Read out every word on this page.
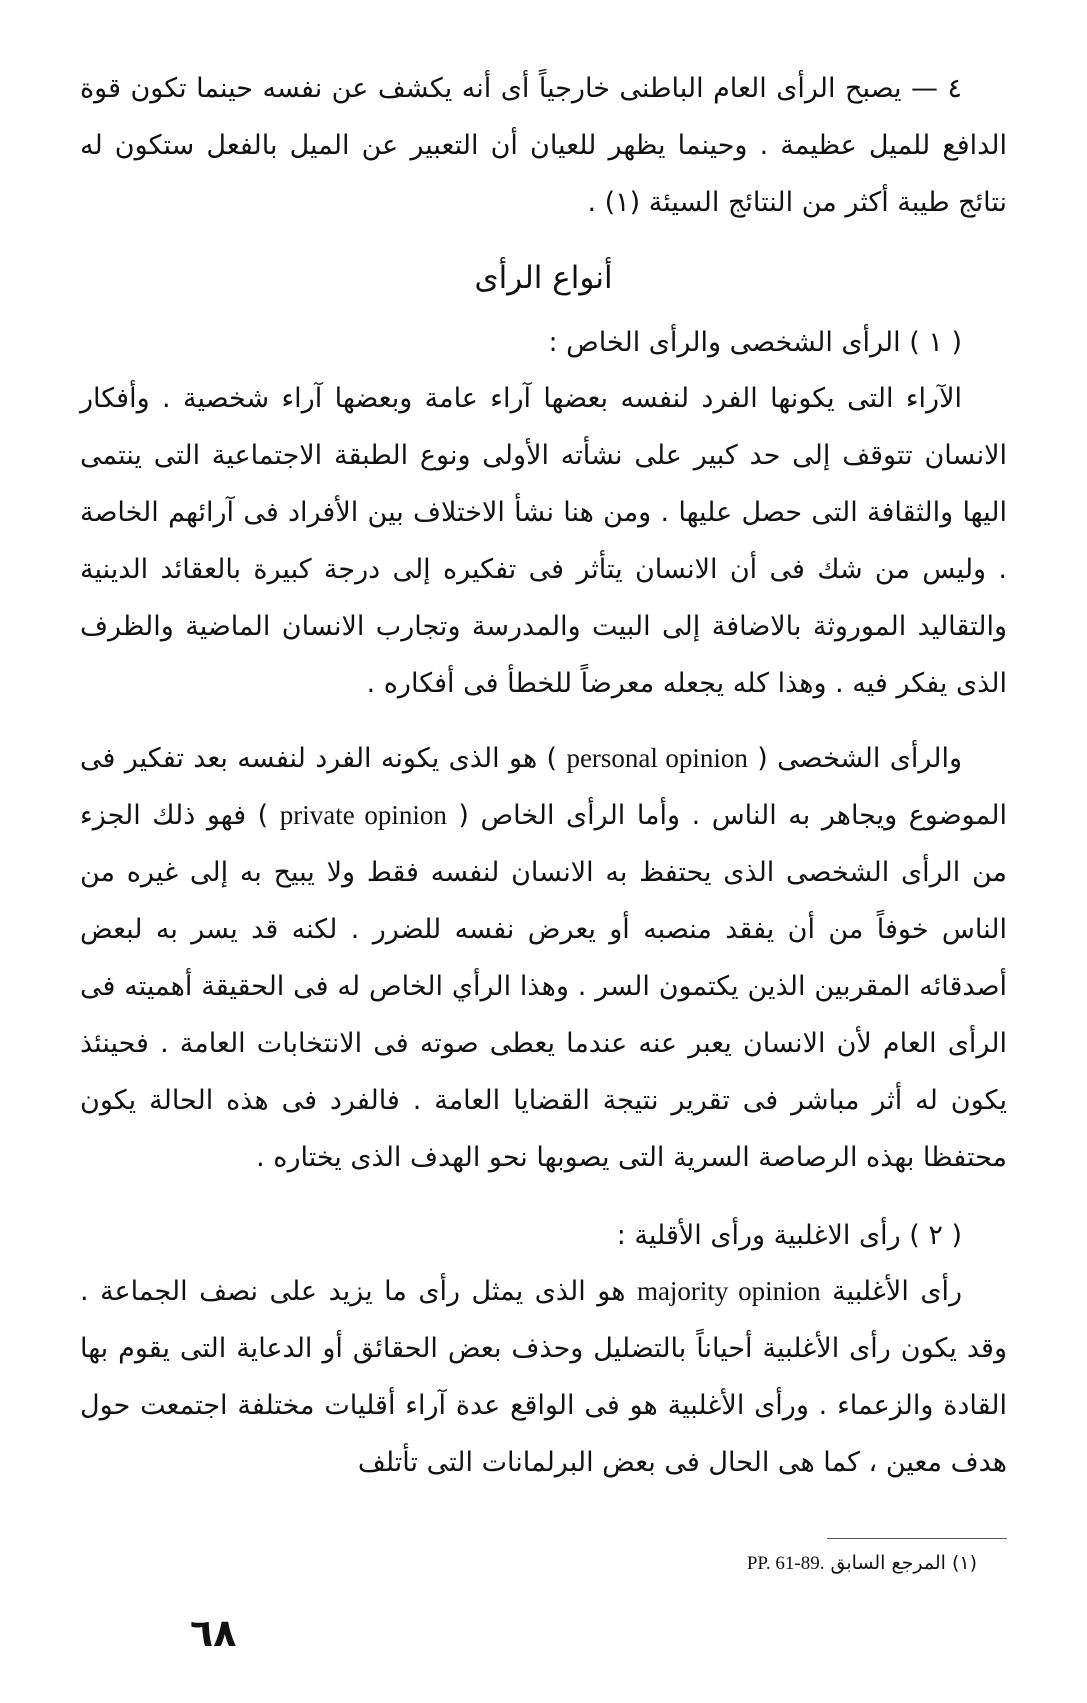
٤ — يصبح الرأى العام الباطنى خارجياً أى أنه يكشف عن نفسه حينما تكون قوة الدافع للميل عظيمة . وحينما يظهر للعيان أن التعبير عن الميل بالفعل ستكون له نتائج طيبة أكثر من النتائج السيئة (١) .

أنواع الرأى
( ١ ) الرأى الشخصى والرأى الخاص :

الآراء التى يكونها الفرد لنفسه بعضها آراء عامة وبعضها آراء شخصية . وأفكار الانسان تتوقف إلى حد كبير على نشأته الأولى ونوع الطبقة الاجتماعية التى ينتمى اليها والثقافة التى حصل عليها . ومن هنا نشأ الاختلاف بين الأفراد فى آرائهم الخاصة . وليس من شك فى أن الانسان يتأثر فى تفكيره إلى درجة كبيرة بالعقائد الدينية والتقاليد الموروثة بالاضافة إلى البيت والمدرسة وتجارب الانسان الماضية والظرف الذى يفكر فيه . وهذا كله يجعله معرضاً للخطأ فى أفكاره .

والرأى الشخصى ( personal opinion ) هو الذى يكونه الفرد لنفسه بعد تفكير فى الموضوع ويجاهر به الناس . وأما الرأى الخاص ( private opinion ) فهو ذلك الجزء من الرأى الشخصى الذى يحتفظ به الانسان لنفسه فقط ولا يبيح به إلى غيره من الناس خوفاً من أن يفقد منصبه أو يعرض نفسه للضرر . لكنه قد يسر به لبعض أصدقائه المقربين الذين يكتمون السر . وهذا الرأي الخاص له فى الحقيقة أهميته فى الرأى العام لأن الانسان يعبر عنه عندما يعطى صوته فى الانتخابات العامة . فحينئذ يكون له أثر مباشر فى تقرير نتيجة القضايا العامة . فالفرد فى هذه الحالة يكون محتفظا بهذه الرصاصة السرية التى يصوبها نحو الهدف الذى يختاره .

( ٢ ) رأى الاغلبية ورأى الأقلية :

رأى الأغلبية majority opinion هو الذى يمثل رأى ما يزيد على نصف الجماعة . وقد يكون رأى الأغلبية أحياناً بالتضليل وحذف بعض الحقائق أو الدعاية التى يقوم بها القادة والزعماء . ورأى الأغلبية هو فى الواقع عدة آراء أقليات مختلفة اجتمعت حول هدف معين ، كما هى الحال فى بعض البرلمانات التى تأتلف

(١) المرجع السابق PP. 61-89.
٦٨
